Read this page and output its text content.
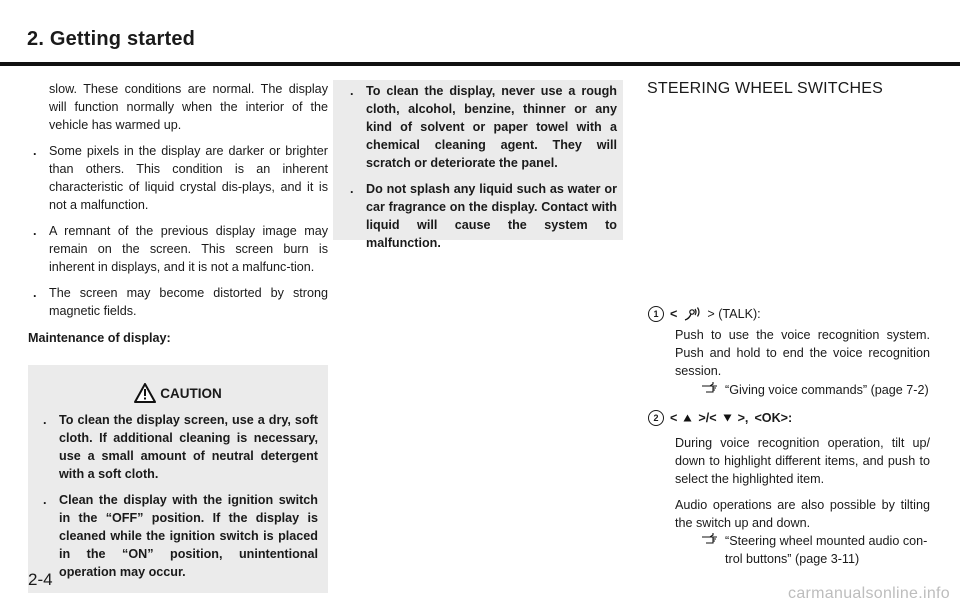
2. Getting started

slow. These conditions are normal. The display will function normally when the interior of the vehicle has warmed up.

. Some pixels in the display are darker or brighter than others. This condition is an inherent characteristic of liquid crystal dis-plays, and it is not a malfunction.
. A remnant of the previous display image may remain on the screen. This screen burn is inherent in displays, and it is not a malfunc-tion.
. The screen may become distorted by strong magnetic fields.
Maintenance of display:
CAUTION
. To clean the display screen, use a dry, soft cloth. If additional cleaning is necessary, use a small amount of neutral detergent with a soft cloth.
. Clean the display with the ignition switch in the “OFF” position. If the display is cleaned while the ignition switch is placed in the “ON” position, unintentional operation may occur.
. To clean the display, never use a rough cloth, alcohol, benzine, thinner or any kind of solvent or paper towel with a chemical cleaning agent. They will scratch or deteriorate the panel.
. Do not splash any liquid such as water or car fragrance on the display. Contact with liquid will cause the system to malfunction.
STEERING WHEEL SWITCHES
1 < > (TALK):

Push to use the voice recognition system. Push and hold to end the voice recognition session.

“Giving voice commands” (page 7-2)
2 < >/< >, <OK>:

During voice recognition operation, tilt up/ down to highlight different items, and push to select the highlighted item.

Audio operations are also possible by tilting the switch up and down.

“Steering wheel mounted audio con-trol buttons” (page 3-11)
2-4
carmanualsonline.info
